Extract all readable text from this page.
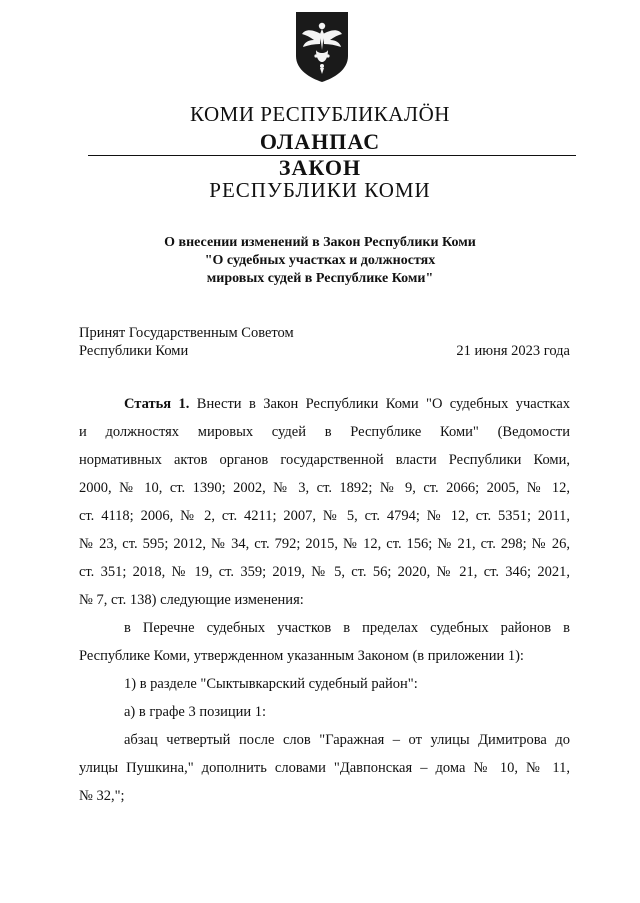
КОМИ РЕСПУБЛИКАЛӦН
ОЛАНПАС
ЗАКОН
РЕСПУБЛИКИ КОМИ
О внесении изменений в Закон Республики Коми
"О судебных участках и должностях
мировых судей в Республике Коми"
Принят Государственным Советом
Республики Коми	21 июня 2023 года

Статья 1. Внести в Закон Республики Коми "О судебных участках

и должностях мировых судей в Республике Коми" (Ведомости

нормативных актов органов государственной власти Республики Коми,

2000, № 10, ст. 1390; 2002, № 3, ст. 1892; № 9, ст. 2066; 2005, № 12,

ст. 4118; 2006, № 2, ст. 4211; 2007, № 5, ст. 4794; № 12, ст. 5351; 2011,

№ 23, ст. 595; 2012, № 34, ст. 792; 2015, № 12, ст. 156; № 21, ст. 298; № 26,

ст. 351; 2018, № 19, ст. 359; 2019, № 5, ст. 56; 2020, № 21, ст. 346; 2021,

№ 7, ст. 138) следующие изменения:

в Перечне судебных участков в пределах судебных районов в

Республике Коми, утвержденном указанным Законом (в приложении 1):

1) в разделе "Сыктывкарский судебный район":

а) в графе 3 позиции 1:

абзац четвертый после слов "Гаражная – от улицы Димитрова до

улицы Пушкина," дополнить словами "Давпонская – дома № 10, № 11,

№ 32,";
